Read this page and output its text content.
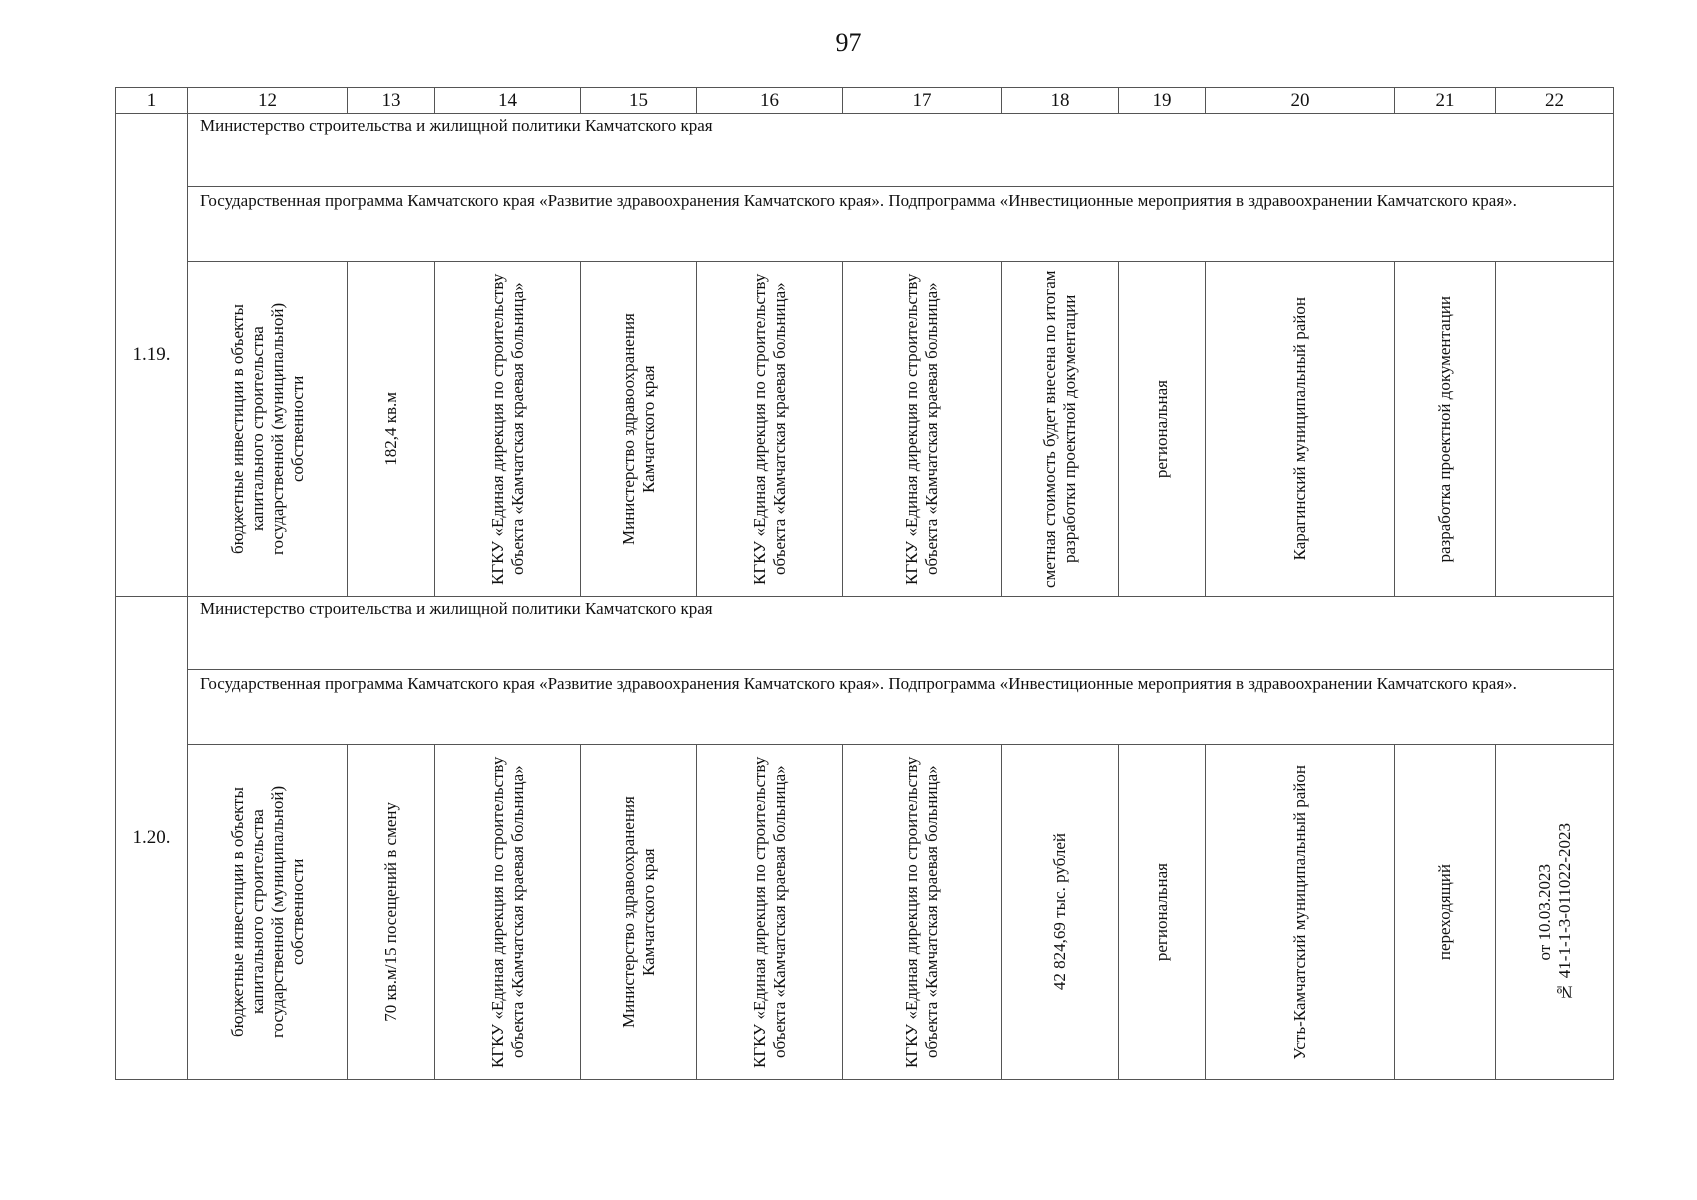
97
1	12	13	14	15	16	17	18	19	20	21	22
1.19.	Министерство строительства и жилищной политики Камчатского края										
	Государственная программа Камчатского края «Развитие здравоохранения Камчатского края». Подпрограмма «Инвестиционные мероприятия в здравоохранении Камчатского края».										

	бюджетные инвестиции в объекты капитального строительства государственной (муниципальной) собственности	182,4 кв.м	КГКУ «Единая дирекция по строительству объекта «Камчатская краевая больница»	Министерство здравоохранения Камчатского края	КГКУ «Единая дирекция по строительству объекта «Камчатская краевая больница»	КГКУ «Единая дирекция по строительству объекта «Камчатская краевая больница»	сметная стоимость будет внесена по итогам разработки проектной документации	региональная	Карагинский муниципальный район	разработка проектной документации	

1.20.	Министерство строительства и жилищной политики Камчатского края										
	Государственная программа Камчатского края «Развитие здравоохранения Камчатского края». Подпрограмма «Инвестиционные мероприятия в здравоохранении Камчатского края».										

	бюджетные инвестиции в объекты капитального строительства государственной (муниципальной) собственности	70 кв.м/15 посещений в смену	КГКУ «Единая дирекция по строительству объекта «Камчатская краевая больница»	Министерство здравоохранения Камчатского края	КГКУ «Единая дирекция по строительству объекта «Камчатская краевая больница»	КГКУ «Единая дирекция по строительству объекта «Камчатская краевая больница»	42 824,69 тыс. рублей	региональная	Усть-Камчатский муниципальный район	переходящий	от 10.03.2023
№ 41-1-1-3-011022-2023
